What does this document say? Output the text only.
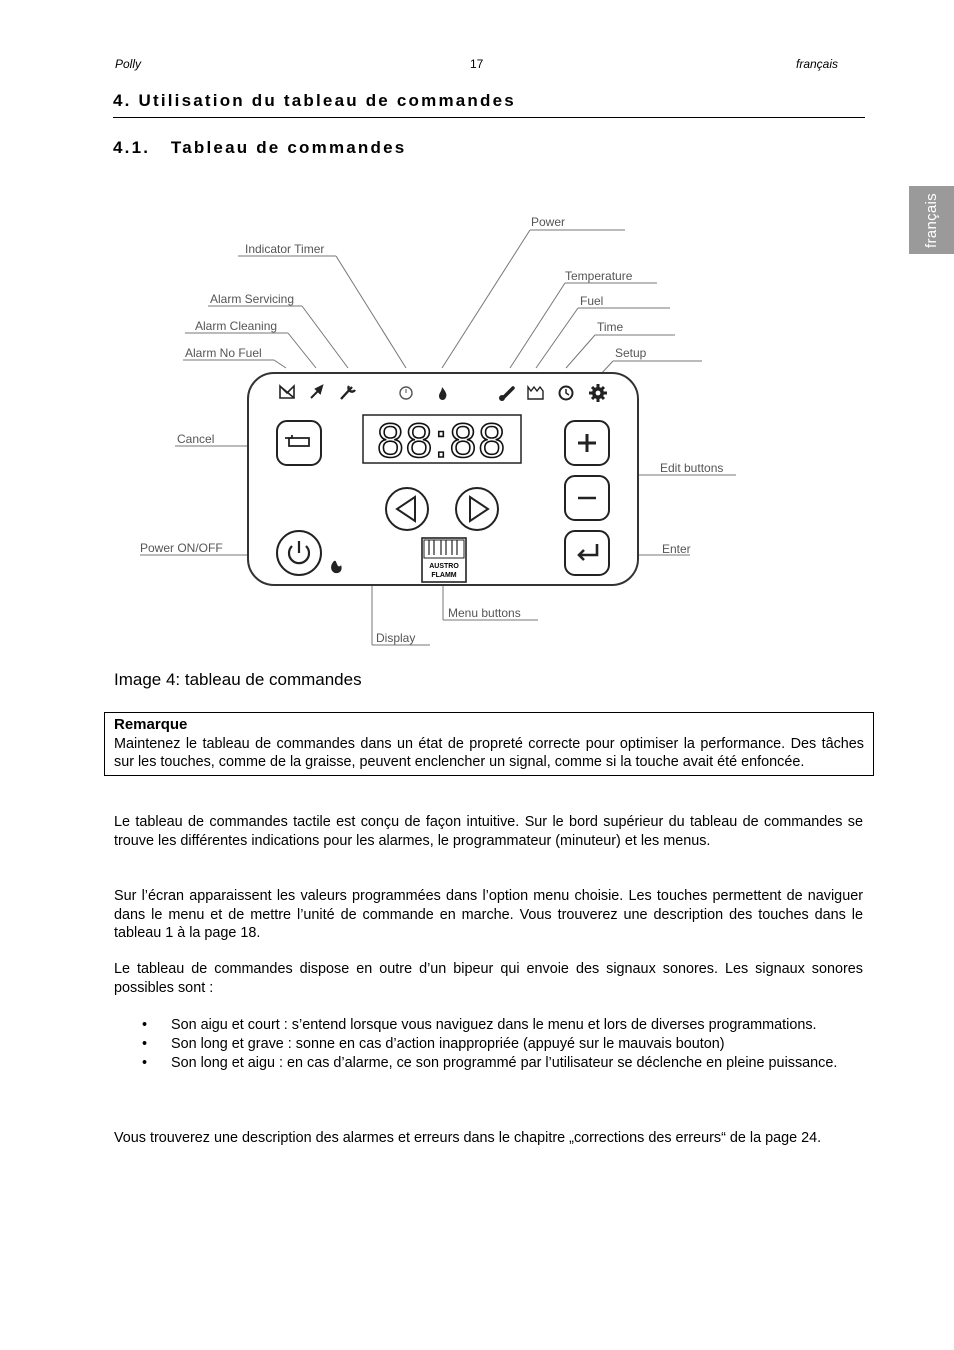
Polly	17	français
français
4. Utilisation du tableau de commandes
4.1.   Tableau de commandes
88:88
AUSTRO
FLAMM
Power
Indicator Timer
Temperature
Fuel
Alarm Servicing
Alarm Cleaning	Time
Alarm No Fuel	Setup
Cancel
Edit buttons
Power ON/OFF	Enter
Menu buttons
Display
Image 4: tableau de commandes
Remarque
Maintenez le tableau de commandes dans un état de propreté correcte pour optimiser la performance. Des tâches sur les touches, comme de la graisse, peuvent enclencher un signal, comme si la touche avait été enfoncée.

Le tableau de commandes tactile est conçu de façon intuitive. Sur le bord supérieur du tableau de commandes se trouve les différentes indications pour les alarmes, le programmateur (minuteur) et les menus.

Sur l’écran apparaissent les valeurs programmées dans l’option menu choisie. Les touches permettent de naviguer dans le menu et de mettre l’unité de commande en marche. Vous trouverez une description des touches dans le tableau 1 à la page 18.

Le tableau de commandes dispose en outre d’un bipeur qui envoie des signaux sonores. Les signaux sonores possibles sont :

• Son aigu et court : s’entend lorsque vous naviguez dans le menu et lors de diverses programmations.
• Son long et grave : sonne en cas d’action inappropriée (appuyé sur le mauvais bouton)
• Son long et aigu : en cas d’alarme, ce son programmé par l’utilisateur se déclenche en pleine puissance.

Vous trouverez une description des alarmes et erreurs dans le chapitre „corrections des erreurs“ de la page 24.
